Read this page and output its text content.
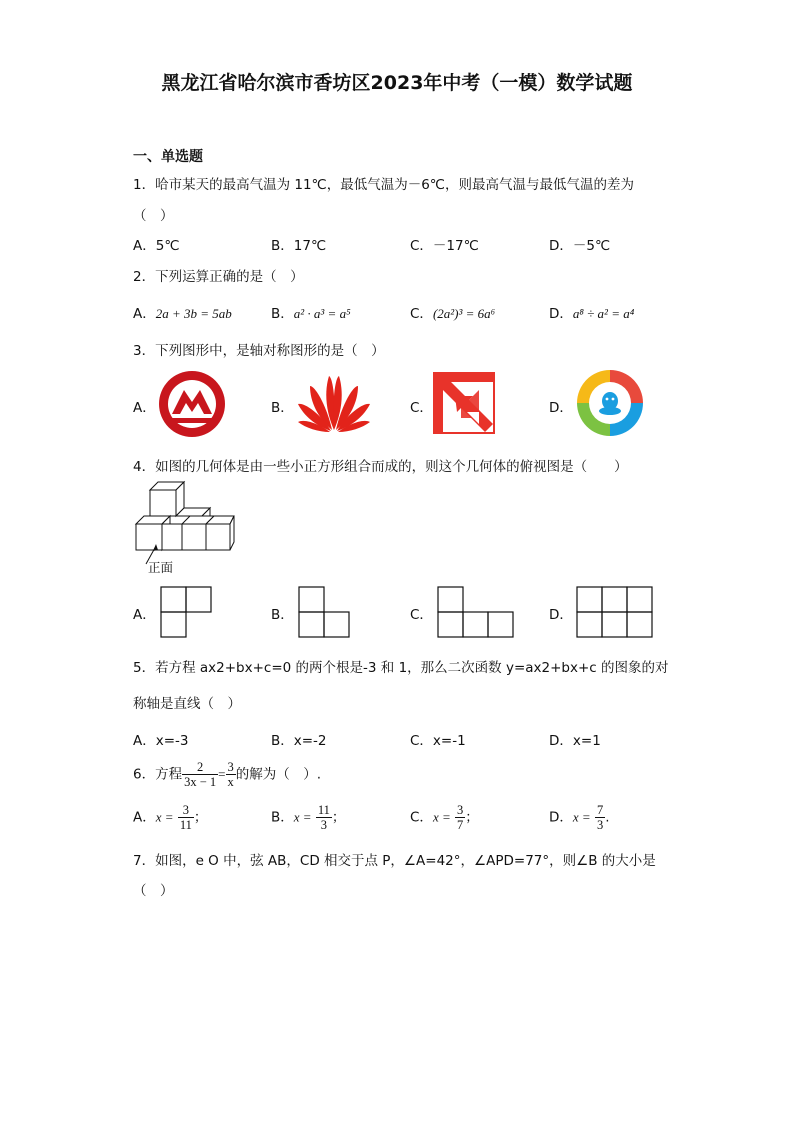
黑龙江省哈尔滨市香坊区2023年中考（一模）数学试题
一、单选题
1．哈市某天的最高气温为 11℃，最低气温为－6℃，则最高气温与最低气温的差为
（　）
A．5℃	B．17℃	C．－17℃	D．－5℃
2．下列运算正确的是（　）
A．2a + 3b = 5ab	B．a² · a³ = a⁵	C．(2a²)³ = 6a⁶	D．a⁸ ÷ a² = a⁴
3．下列图形中，是轴对称图形的是（　）
A．	B．	C．	D．
4．如图的几何体是由一些小正方形组合而成的，则这个几何体的俯视图是（　　）
正面
A．	B．	C．	D．
5．若方程 ax2+bx+c=0 的两个根是-3 和 1，那么二次函数 y=ax2+bx+c 的图象的对
称轴是直线（　）
A．x=-3	B．x=-2	C．x=-1	D．x=1
6．方程 $\frac{2}{3x - 1} = \frac{3}{x}$ 的解为（　）.
A．$x = \frac{3}{11}$ ；	B．$x = \frac{11}{3}$ ；	C．$x = \frac{3}{7}$ ；	D．$x = \frac{7}{3}$ .
7．如图，e O 中，弦 AB，CD 相交于点 P，∠A=42°，∠APD=77°，则∠B 的大小是
（　）
